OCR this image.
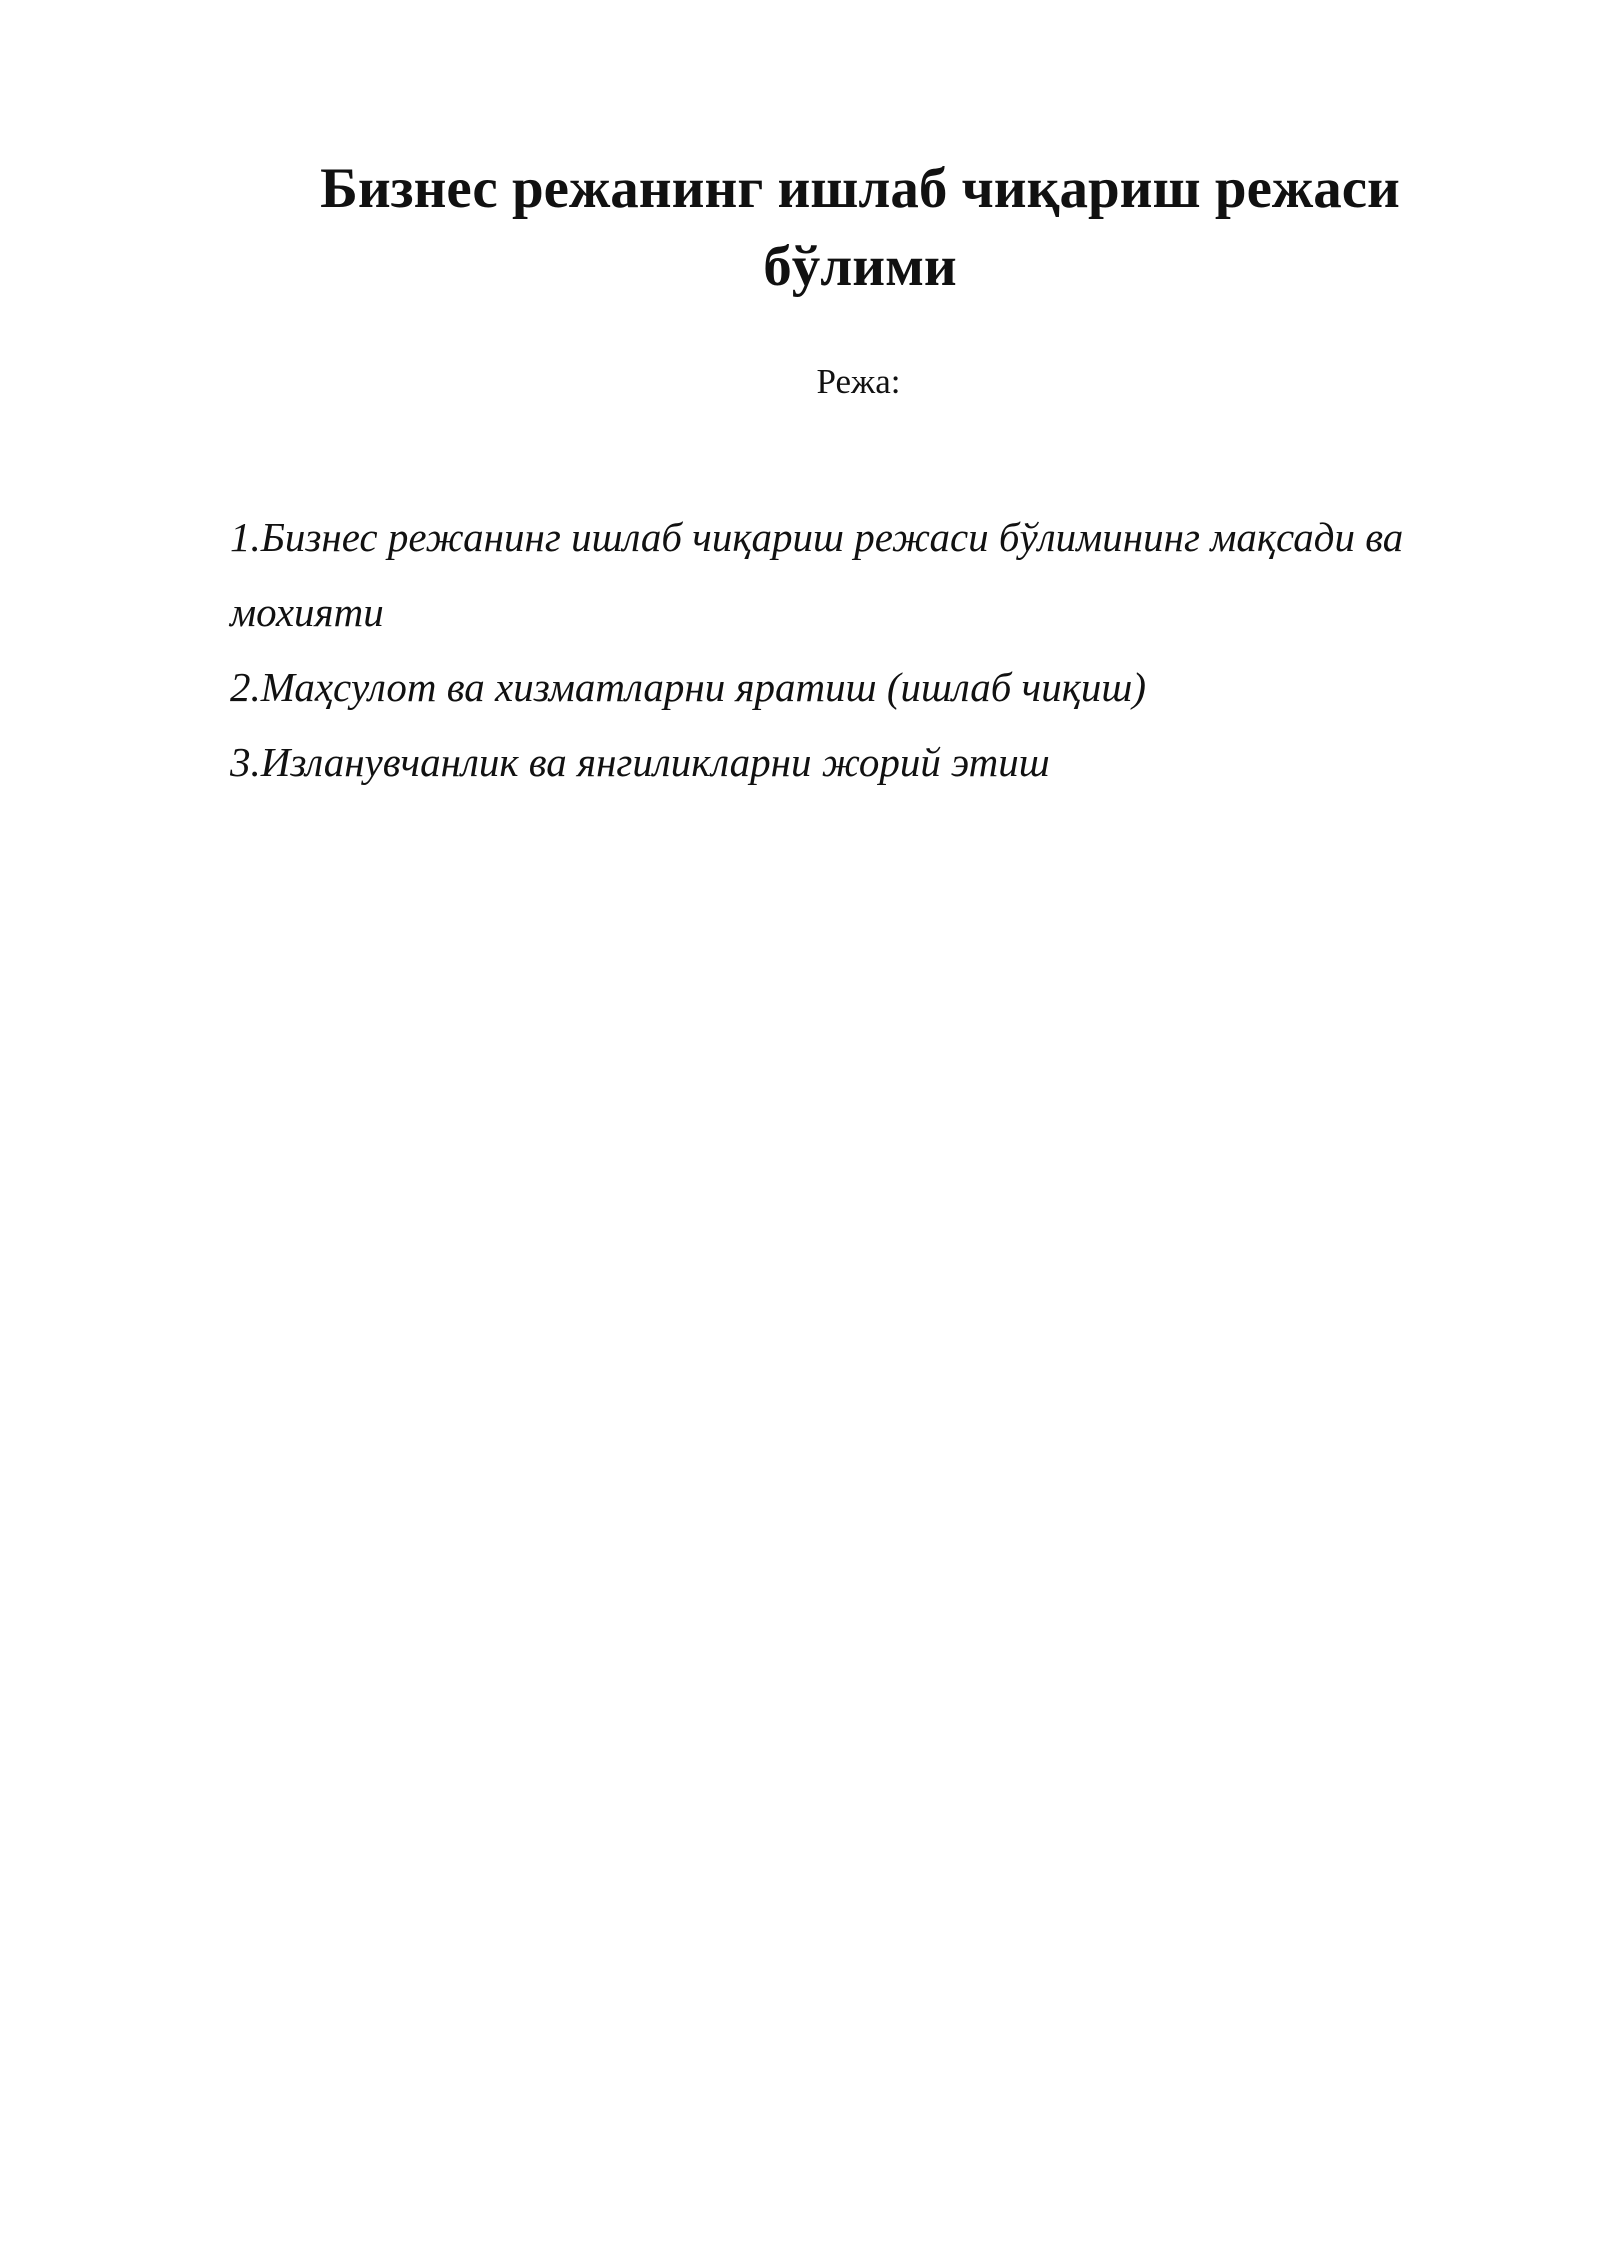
Бизнес режанинг ишлаб чиқариш режаси бўлими
Режа:
1.Бизнес режанинг ишлаб чиқариш режаси бўлимининг мақсади ва мохияти
2.Маҳсулот ва хизматларни яратиш (ишлаб чиқиш)
3.Изланувчанлик ва янгиликларни жорий этиш
